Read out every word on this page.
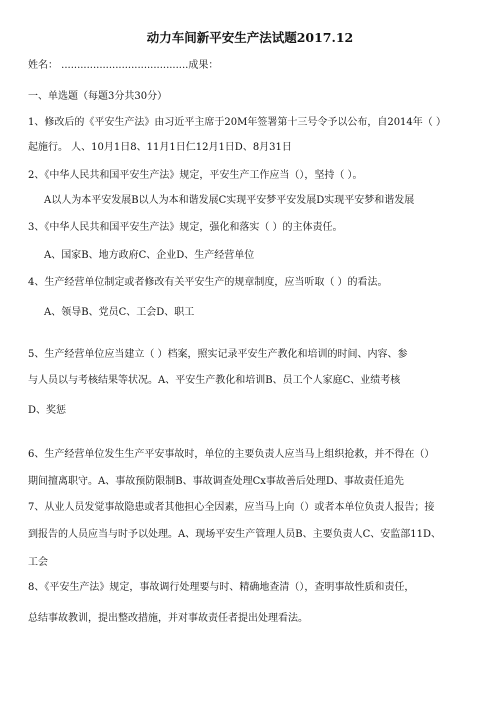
动力车间新平安生产法试题2017.12
姓名： ........................................成果：
一、单选题（每题3分共30分）
1、修改后的《平安生产法》由习近平主席于20M年签署第十三号令予以公布，自2014年（ ）
起施行。 人、10月1日8、11月1日仁12月1日D、8月31日
2、《中华人民共和国平安生产法》规定，平安生产工作应当（），坚持（ ）。
A以人为本平安发展B以人为本和谐发展C实现平安梦平安发展D实现平安梦和谐发展
3、《中华人民共和国平安生产法》规定，强化和落实（ ）的主体责任。
A、国家B、地方政府C、企业D、生产经营单位
4、生产经营单位制定或者修改有关平安生产的规章制度，应当听取（ ）的看法。
A、领导B、党员C、工会D、职工
5、生产经营单位应当建立（ ）档案，照实记录平安生产教化和培训的时间、内容、参
与人员以与考核结果等状况。A、平安生产教化和培训B、员工个人家庭C、业绩考核
D、奖惩
6、生产经营单位发生生产平安事故时，单位的主要负责人应当马上组织抢救，并不得在（）
期间擅离职守。A、事故预防限制B、事故调查处理Cx事故善后处理D、事故责任追先
7、从业人员发觉事故隐患或者其他担心全因素，应当马上向（）或者本单位负责人报告；接
到报告的人员应当与时予以处理。A、现场平安生产管理人员B、主要负责人C、安监部11D、
工会
8、《平安生产法》规定，事故调行处理要与时、精确地查清（），查明事故性质和责任，
总结事故教训，提出整改措施，并对事故责任者提出处理看法。
